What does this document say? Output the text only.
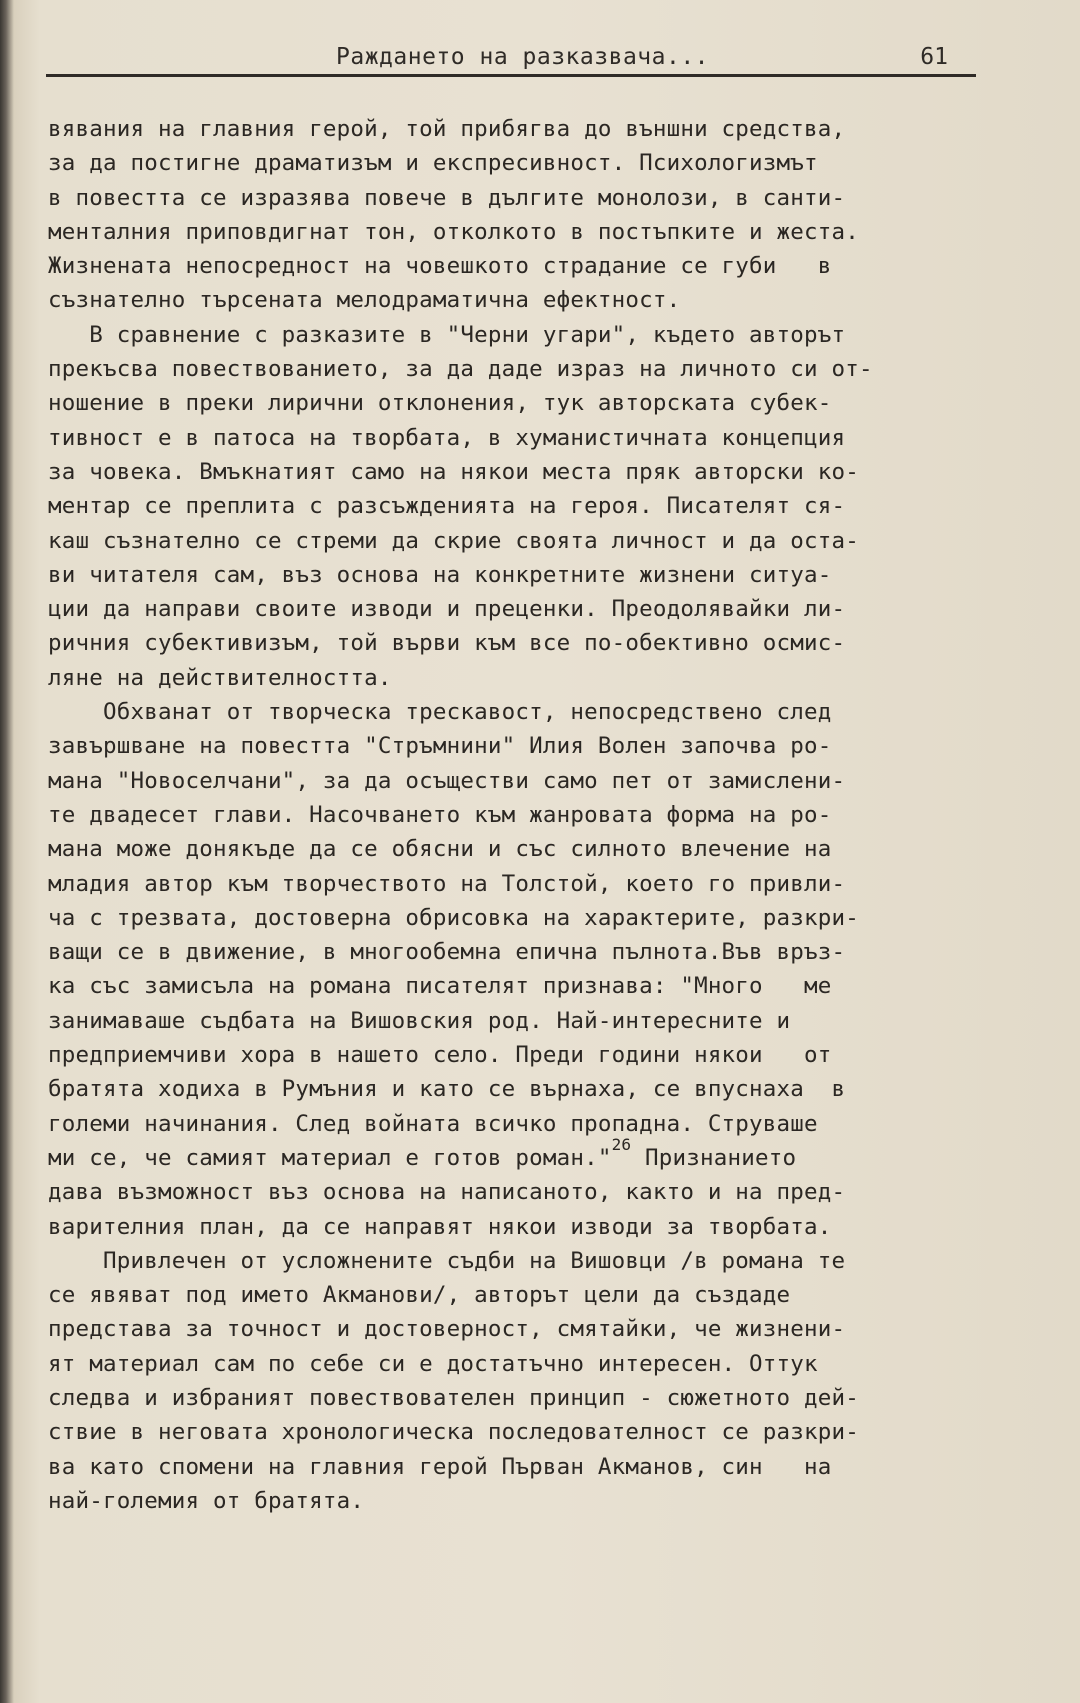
Раждането на разказвача...	61
вявания на главния герой, той прибягва до външни средства,
за да постигне драматизъм и експресивност. Психологизмът
в повестта се изразява повече в дългите монолози, в санти-
менталния приповдигнат тон, отколкото в постъпките и жеста.
Жизнената непосредност на човешкото страдание се губи   в
съзнателно търсената мелодраматична ефектност.
В сравнение с разказите в "Черни угари", където авторът
прекъсва повествованието, за да даде израз на личното си от-
ношение в преки лирични отклонения, тук авторската субек-
тивност е в патоса на творбата, в хуманистичната концепция
за човека. Вмъкнатият само на някои места пряк авторски ко-
ментар се преплита с разсъжденията на героя. Писателят ся-
каш съзнателно се стреми да скрие своята личност и да оста-
ви читателя сам, въз основа на конкретните жизнени ситуа-
ции да направи своите изводи и преценки. Преодолявайки ли-
ричния субективизъм, той върви към все по-обективно осмис-
ляне на действителността.
Обхванат от творческа трескавост, непосредствено след
завършване на повестта "Стръмнини" Илия Волен започва ро-
мана "Новоселчани", за да осъществи само пет от замислени-
те двадесет глави. Насочването към жанровата форма на ро-
мана може донякъде да се обясни и със силното влечение на
младия автор към творчеството на Толстой, което го привли-
ча с трезвата, достоверна обрисовка на характерите, разкри-
ващи се в движение, в многообемна епична пълнота.Във връз-
ка със замисъла на романа писателят признава: "Много   ме
занимаваше съдбата на Вишовския род. Най-интересните и
предприемчиви хора в нашето село. Преди години някои   от
братята ходиха в Румъния и като се върнаха, се впуснаха  в
големи начинания. След войната всичко пропадна. Струваше
ми се, че самият материал е готов роман."$^{26}$ Признанието
дава възможност въз основа на написаното, както и на пред-
варителния план, да се направят някои изводи за творбата.
Привлечен от усложнените съдби на Вишовци /в романа те
се явяват под името Акманови/, авторът цели да създаде
представа за точност и достоверност, смятайки, че жизнени-
ят материал сам по себе си е достатъчно интересен. Оттук
следва и избраният повествователен принцип - сюжетното дей-
ствие в неговата хронологическа последователност се разкри-
ва като спомени на главния герой Първан Акманов, син   на
най-големия от братята.
